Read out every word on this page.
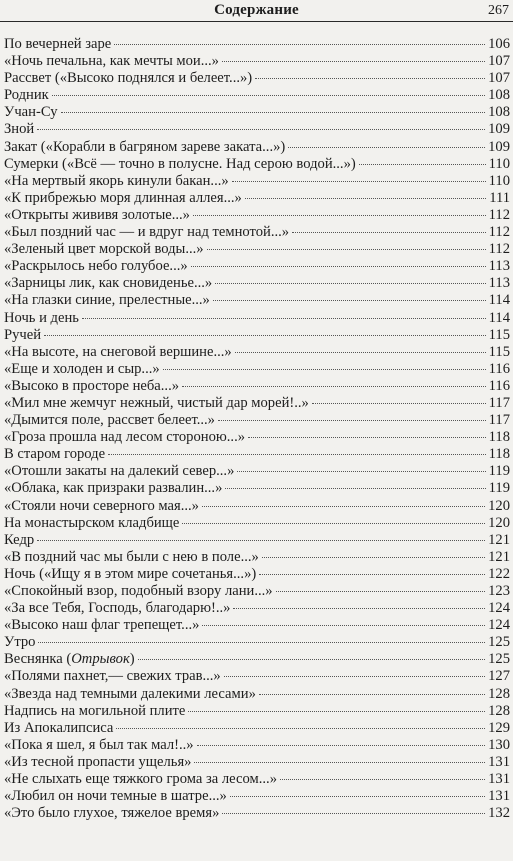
Содержание	267
По вечерней заре	106
«Ночь печальна, как мечты мои...»	107
Рассвет («Высоко поднялся и белеет...»)	107
Родник	108
Учан-Су	108
Зной	109
Закат («Корабли в багряном зареве заката...»)	109
Сумерки («Всё — точно в полусне. Над серою водой...»)	110
«На мертвый якорь кинули бакан...»	110
«К прибрежью моря длинная аллея...»	111
«Открыты жививя золотые...»	112
«Был поздний час — и вдруг над темнотой...»	112
«Зеленый цвет морской воды...»	112
«Раскрылось небо голубое...»	113
«Зарницы лик, как сновиденье...»	113
«На глазки синие, прелестные...»	114
Ночь и день	114
Ручей	115
«На высоте, на снеговой вершине...»	115
«Еще и холоден и сыр...»	116
«Высоко в просторе неба...»	116
«Мил мне жемчуг нежный, чистый дар морей!..»	117
«Дымится поле, рассвет белеет...»	117
«Гроза прошла над лесом стороною...»	118
В старом городе	118
«Отошли закаты на далекий север...»	119
«Облака, как призраки развалин...»	119
«Стояли ночи северного мая...»	120
На монастырском кладбище	120
Кедр	121
«В поздний час мы были с нею в поле...»	121
Ночь («Ищу я в этом мире сочетанья...»)	122
«Спокойный взор, подобный взору лани...»	123
«За все Тебя, Господь, благодарю!..»	124
«Высоко наш флаг трепещет...»	124
Утро	125
Веснянка (Отрывок)	125
«Полями пахнет,— свежих трав...»	127
«Звезда над темными далекими лесами»	128
Надпись на могильной плите	128
Из Апокалипсиса	129
«Пока я шел, я был так мал!..»	130
«Из тесной пропасти ущелья»	131
«Не слыхать еще тяжкого грома за лесом...»	131
«Любил он ночи темные в шатре...»	131
«Это было глухое, тяжелое время»	132
